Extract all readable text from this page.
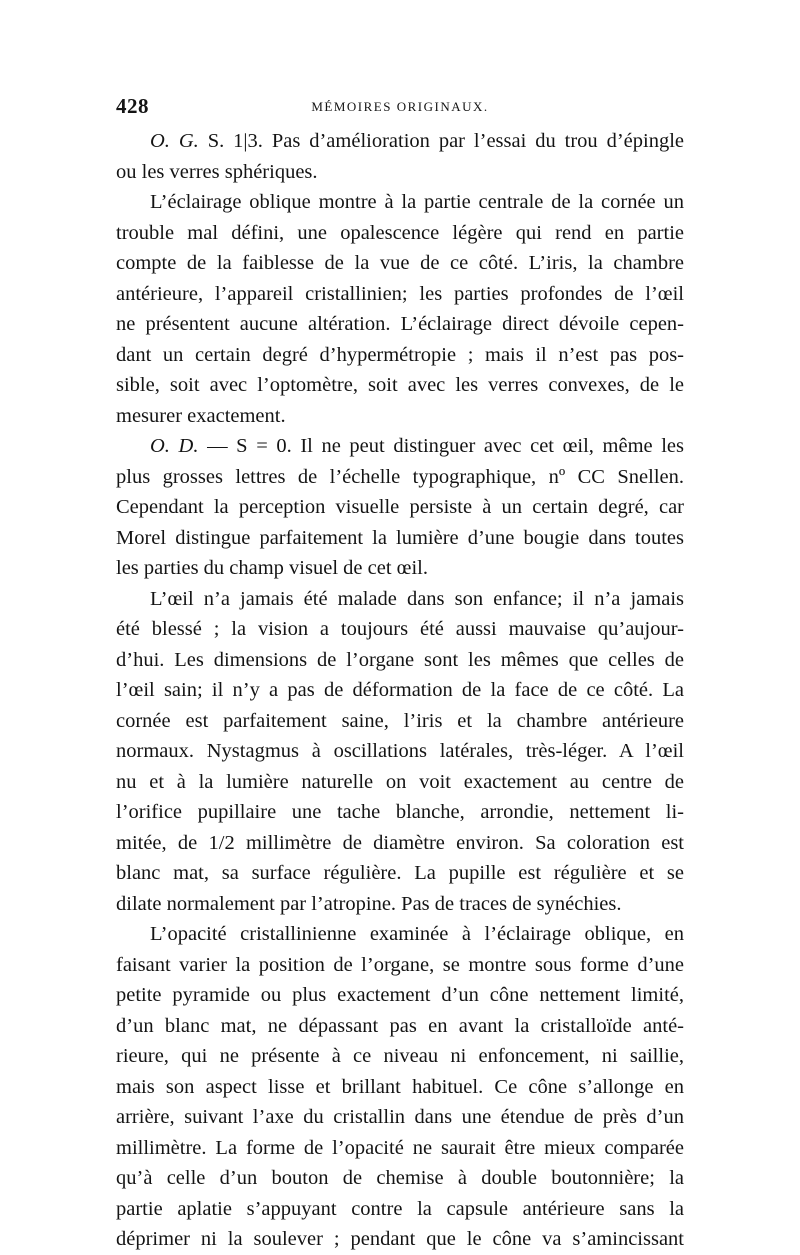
428	MÉMOIRES ORIGINAUX.
O. G. S. 1|3. Pas d’amélioration par l’essai du trou d’épingle
ou les verres sphériques.
L’éclairage oblique montre à la partie centrale de la cornée un
trouble mal défini, une opalescence légère qui rend en partie
compte de la faiblesse de la vue de ce côté. L’iris, la chambre
antérieure, l’appareil cristallinien; les parties profondes de l’œil
ne présentent aucune altération. L’éclairage direct dévoile cepen-
dant un certain degré d’hypermétropie ; mais il n’est pas pos-
sible, soit avec l’optomètre, soit avec les verres convexes, de le
mesurer exactement.
O. D. — S = 0. Il ne peut distinguer avec cet œil, même les
plus grosses lettres de l’échelle typographique, nº CC Snellen.
Cependant la perception visuelle persiste à un certain degré, car
Morel distingue parfaitement la lumière d’une bougie dans toutes
les parties du champ visuel de cet œil.
L’œil n’a jamais été malade dans son enfance; il n’a jamais
été blessé ; la vision a toujours été aussi mauvaise qu’aujour-
d’hui. Les dimensions de l’organe sont les mêmes que celles de
l’œil sain; il n’y a pas de déformation de la face de ce côté. La
cornée est parfaitement saine, l’iris et la chambre antérieure
normaux. Nystagmus à oscillations latérales, très-léger. A l’œil
nu et à la lumière naturelle on voit exactement au centre de
l’orifice pupillaire une tache blanche, arrondie, nettement li-
mitée, de 1/2 millimètre de diamètre environ. Sa coloration est
blanc mat, sa surface régulière. La pupille est régulière et se
dilate normalement par l’atropine. Pas de traces de synéchies.
L’opacité cristallinienne examinée à l’éclairage oblique, en
faisant varier la position de l’organe, se montre sous forme d’une
petite pyramide ou plus exactement d’un cône nettement limité,
d’un blanc mat, ne dépassant pas en avant la cristalloïde anté-
rieure, qui ne présente à ce niveau ni enfoncement, ni saillie,
mais son aspect lisse et brillant habituel. Ce cône s’allonge en
arrière, suivant l’axe du cristallin dans une étendue de près d’un
millimètre. La forme de l’opacité ne saurait être mieux comparée
qu’à celle d’un bouton de chemise à double boutonnière; la
partie aplatie s’appuyant contre la capsule antérieure sans la
déprimer ni la soulever ; pendant que le cône va s’amincissant
